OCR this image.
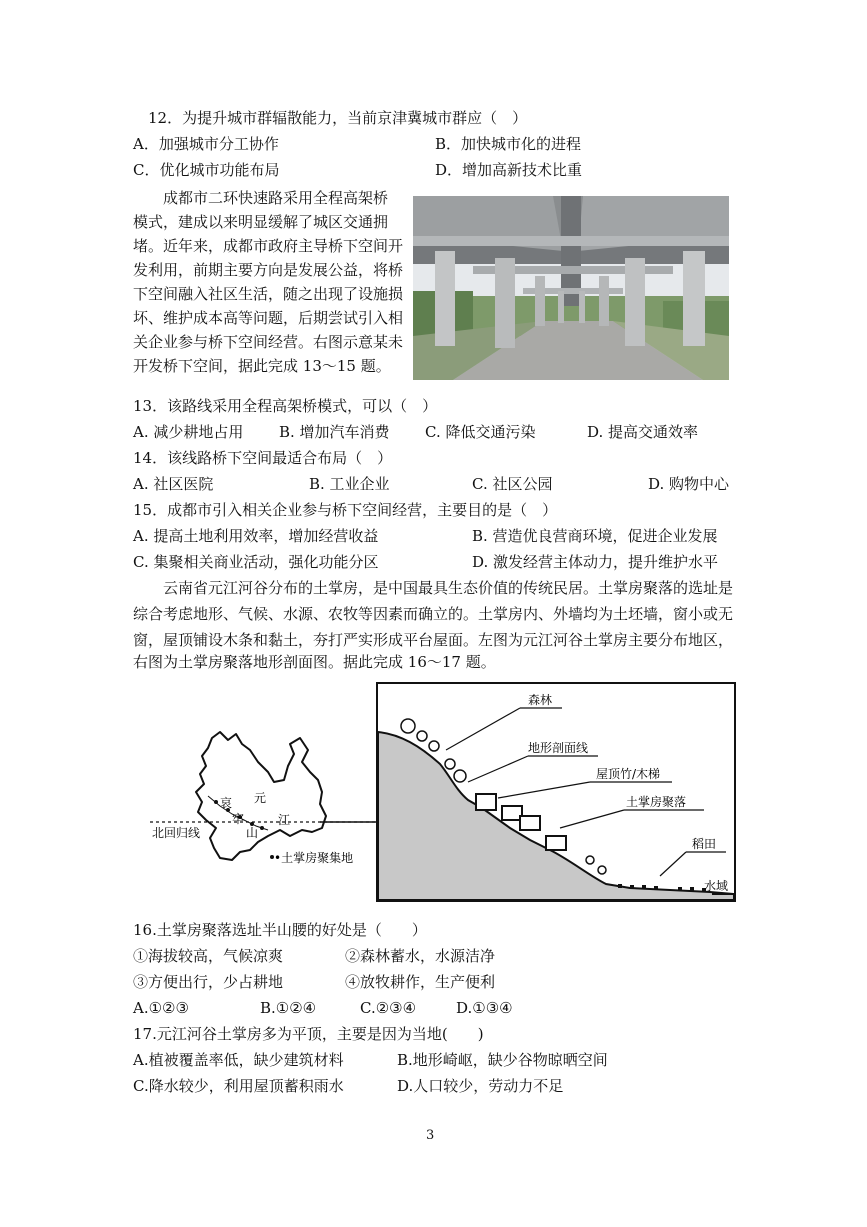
12．为提升城市群辐散能力，当前京津冀城市群应（　）
A．加强城市分工协作	B．加快城市化的进程
C．优化城市功能布局	D．增加高新技术比重
成都市二环快速路采用全程高架桥
模式，建成以来明显缓解了城区交通拥
堵。近年来，成都市政府主导桥下空间开
发利用，前期主要方向是发展公益，将桥
下空间融入社区生活，随之出现了设施损
坏、维护成本高等问题，后期尝试引入相
关企业参与桥下空间经营。右图示意某未
开发桥下空间，据此完成 13～15 题。
13．该路线采用全程高架桥模式，可以（　）
A. 减少耕地占用 B. 增加汽车消费 C. 降低交通污染	D. 提高交通效率
14．该线路桥下空间最适合布局（　）
A. 社区医院	B. 工业企业	C. 社区公园	D. 购物中心
15．成都市引入相关企业参与桥下空间经营，主要目的是（　）
A. 提高土地利用效率，增加经营收益	B. 营造优良营商环境，促进企业发展
C. 集聚相关商业活动，强化功能分区	D. 激发经营主体动力，提升维护水平
云南省元江河谷分布的土掌房，是中国最具生态价值的传统民居。土掌房聚落的选址是
综合考虑地形、气候、水源、农牧等因素而确立的。土掌房内、外墙均为土坯墙，窗小或无
窗，屋顶铺设木条和黏土，夯打严实形成平台屋面。左图为元江河谷土掌房主要分布地区，
右图为土掌房聚落地形剖面图。据此完成 16～17 题。
北回归线
哀
牢
山
元
江
•土掌房聚集地
森林
地形剖面线
屋顶竹/木梯
土掌房聚落
稻田
水域
16.土掌房聚落选址半山腰的好处是（　　）
①海拔较高，气候凉爽	②森林蓄水，水源洁净
③方便出行，少占耕地	④放牧耕作，生产便利
A.①②③	B.①②④	C.②③④	D.①③④
17.元江河谷土掌房多为平顶，主要是因为当地(　　)
A.植被覆盖率低，缺少建筑材料	B.地形崎岖，缺少谷物晾晒空间
C.降水较少，利用屋顶蓄积雨水	D.人口较少，劳动力不足
3
